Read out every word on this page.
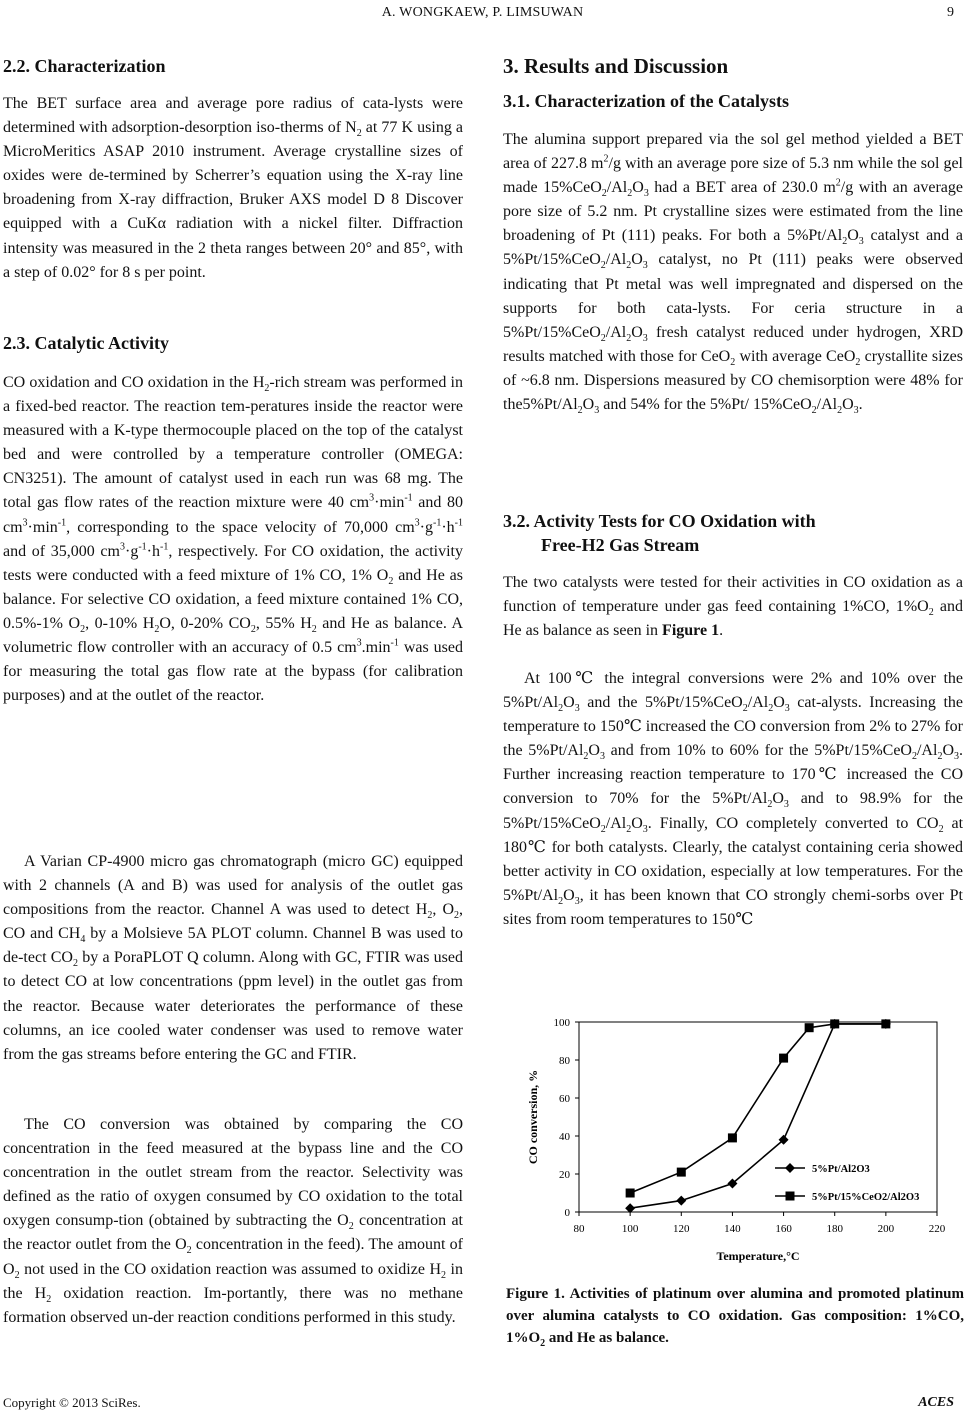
A. WONGKAEW, P. LIMSUWAN	9
2.2. Characterization

The BET surface area and average pore radius of cata-lysts were determined with adsorption-desorption iso-therms of $N_2$ at 77 K using a MicroMeritics ASAP 2010 instrument. Average crystalline sizes of oxides were de-termined by Scherrer’s equation using the X-ray line broadening from X-ray diffraction, Bruker AXS model D 8 Discover equipped with a CuKα radiation with a nickel filter. Diffraction intensity was measured in the 2 theta ranges between 20° and 85°, with a step of 0.02° for 8 s per point.

2.3. Catalytic Activity

CO oxidation and CO oxidation in the $H_2$-rich stream was performed in a fixed-bed reactor. The reaction tem-peratures inside the reactor were measured with a K-type thermocouple placed on the top of the catalyst bed and were controlled by a temperature controller (OMEGA: CN3251). The amount of catalyst used in each run was 68 mg. The total gas flow rates of the reaction mixture were 40 $cm^3\cdot\min^{-1}$ and 80 $cm^3\cdot\min^{-1}$, corresponding to the space velocity of 70,000 $cm^3\cdot g^{-1}\cdot h^{-1}$ and of 35,000 $cm^3\cdot g^{-1}\cdot h^{-1}$, respectively. For CO oxidation, the activity tests were conducted with a feed mixture of 1% CO, 1% $O_2$ and He as balance. For selective CO oxidation, a feed mixture contained 1% CO, 0.5%-1% $O_2$, 0-10% $H_2O$, 0-20% $CO_2$, 55% $H_2$ and He as balance. A volumetric flow controller with an accuracy of 0.5 $cm^3.\min^{-1}$ was used for measuring the total gas flow rate at the bypass (for calibration purposes) and at the outlet of the reactor.

A Varian CP-4900 micro gas chromatograph (micro GC) equipped with 2 channels (A and B) was used for analysis of the outlet gas compositions from the reactor. Channel A was used to detect $H_2$, $O_2$, CO and $CH_4$ by a Molsieve 5A PLOT column. Channel B was used to de-tect $CO_2$ by a PoraPLOT Q column. Along with GC, FTIR was used to detect CO at low concentrations (ppm level) in the outlet gas from the reactor. Because water deteriorates the performance of these columns, an ice cooled water condenser was used to remove water from the gas streams before entering the GC and FTIR.

The CO conversion was obtained by comparing the CO concentration in the feed measured at the bypass line and the CO concentration in the outlet stream from the reactor. Selectivity was defined as the ratio of oxygen consumed by CO oxidation to the total oxygen consump-tion (obtained by subtracting the $O_2$ concentration at the reactor outlet from the $O_2$ concentration in the feed). The amount of $O_2$ not used in the CO oxidation reaction was assumed to oxidize $H_2$ in the $H_2$ oxidation reaction. Im-portantly, there was no methane formation observed un-der reaction conditions performed in this study.

3. Results and Discussion
3.1. Characterization of the Catalysts

The alumina support prepared via the sol gel method yielded a BET area of 227.8 $m^2/g$ with an average pore size of 5.3 nm while the sol gel made $15\%CeO_2/Al_2O_3$ had a BET area of 230.0 $m^2/g$ with an average pore size of 5.2 nm. Pt crystalline sizes were estimated from the line broadening of Pt (111) peaks. For both a $5\%Pt/Al_2O_3$ catalyst and a $5\%Pt/15\%CeO_2/Al_2O_3$ catalyst, no Pt (111) peaks were observed indicating that Pt metal was well impregnated and dispersed on the supports for both cata-lysts. For ceria structure in a $5\%Pt/15\%CeO_2/Al_2O_3$ fresh catalyst reduced under hydrogen, XRD results matched with those for CeO$_2$ with average CeO$_2$ crystallite sizes of ~6.8 nm. Dispersions measured by CO chemisorption were 48% for $the5\%Pt/Al_2O_3$ and 54% for the 5%Pt/ $15\%CeO_2/Al_2O_3$.

3.2. Activity Tests for CO Oxidation with
Free-H2 Gas Stream

The two catalysts were tested for their activities in CO oxidation as a function of temperature under gas feed containing 1%CO, $1\%O_2$ and He as balance as seen in Figure 1.

At 100℃ the integral conversions were 2% and 10% over the $5\%Pt/Al_2O_3$ and the $5\%Pt/15\%CeO_2/Al_2O_3$ cat-alysts. Increasing the temperature to 150℃ increased the CO conversion from 2% to 27% for the $5\%Pt/Al_2O_3$ and from 10% to 60% for the $5\%Pt/15\%CeO_2/Al_2O_3$. Further increasing reaction temperature to 170℃ increased the CO conversion to 70% for the $5\%Pt/Al_2O_3$ and to 98.9% for the $5\%Pt/15\%CeO_2/Al_2O_3$. Finally, CO completely converted to $CO_2$ at 180℃ for both catalysts. Clearly, the catalyst containing ceria showed better activity in CO oxidation, especially at low temperatures. For the $5\%Pt/Al_2O_3$, it has been known that CO strongly chemi-sorbs over Pt sites from room temperatures to 150℃

0
20
40
60
80
100
80	100	120	140	160	180	200	220
Temperature,°C
CO conversion, %
5%Pt/Al2O3
5%Pt/15%CeO2/Al2O3

Figure 1. Activities of platinum over alumina and promoted platinum over alumina catalysts to CO oxidation. Gas composition: 1%CO, $1\%O_2$ and He as balance.

Copyright © 2013 SciRes.	ACES
